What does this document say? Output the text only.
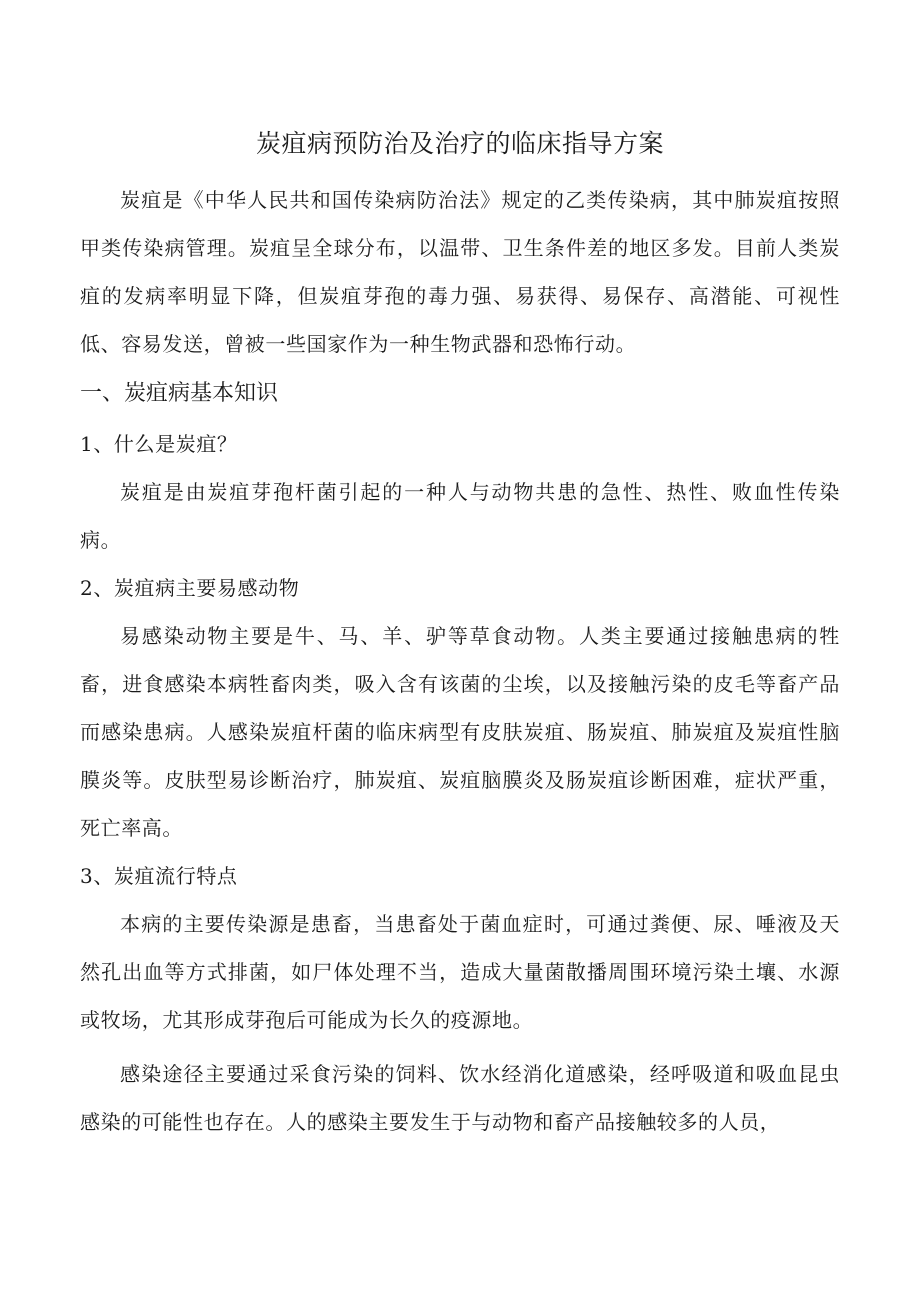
炭疽病预防治及治疗的临床指导方案

炭疽是《中华人民共和国传染病防治法》规定的乙类传染病，其中肺炭疽按照甲类传染病管理。炭疽呈全球分布，以温带、卫生条件差的地区多发。目前人类炭疽的发病率明显下降，但炭疽芽孢的毒力强、易获得、易保存、高潜能、可视性低、容易发送，曾被一些国家作为一种生物武器和恐怖行动。

一、炭疽病基本知识

1、什么是炭疽？

炭疽是由炭疽芽孢杆菌引起的一种人与动物共患的急性、热性、败血性传染病。

2、炭疽病主要易感动物

易感染动物主要是牛、马、羊、驴等草食动物。人类主要通过接触患病的牲畜，进食感染本病牲畜肉类，吸入含有该菌的尘埃，以及接触污染的皮毛等畜产品而感染患病。人感染炭疽杆菌的临床病型有皮肤炭疽、肠炭疽、肺炭疽及炭疽性脑膜炎等。皮肤型易诊断治疗，肺炭疽、炭疽脑膜炎及肠炭疽诊断困难，症状严重，死亡率高。

3、炭疽流行特点

本病的主要传染源是患畜，当患畜处于菌血症时，可通过粪便、尿、唾液及天然孔出血等方式排菌，如尸体处理不当，造成大量菌散播周围环境污染土壤、水源或牧场，尤其形成芽孢后可能成为长久的疫源地。

感染途径主要通过采食污染的饲料、饮水经消化道感染，经呼吸道和吸血昆虫感染的可能性也存在。人的感染主要发生于与动物和畜产品接触较多的人员，
